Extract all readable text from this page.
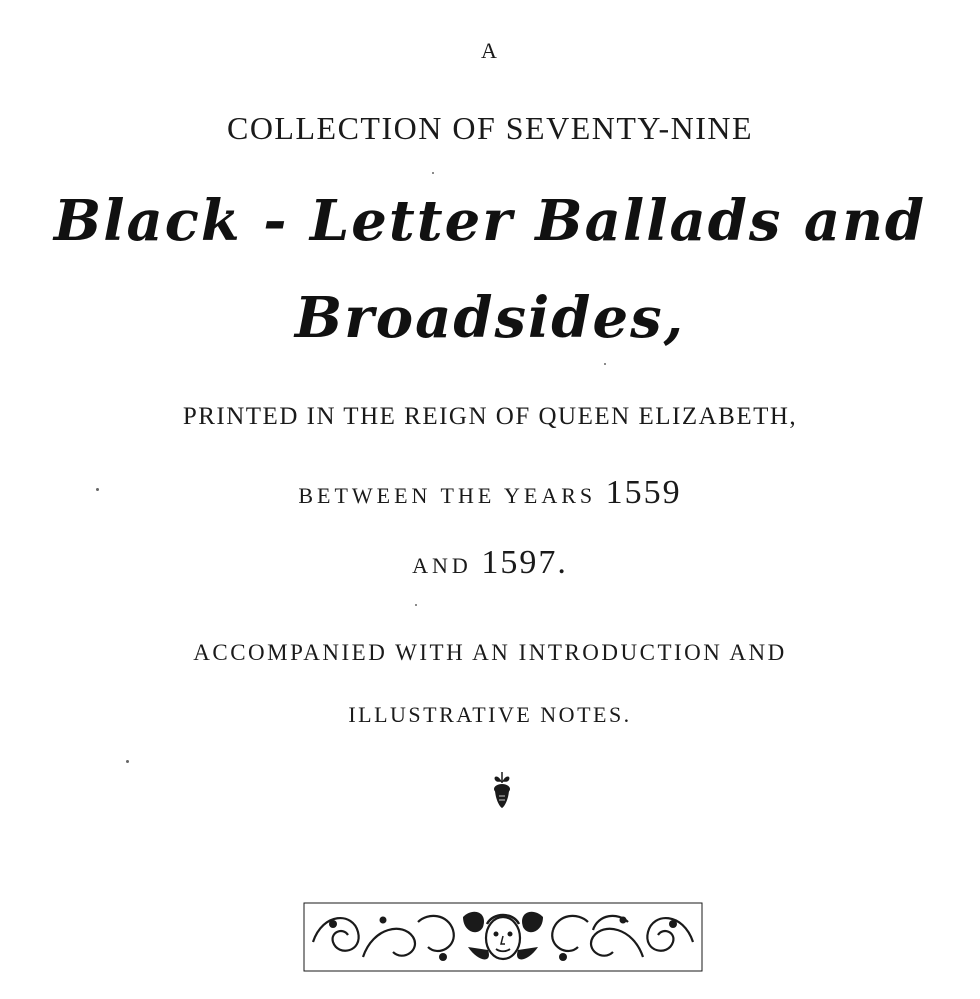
A
COLLECTION OF SEVENTY-NINE
Black - Letter Ballads and
Broadsides,
PRINTED IN THE REIGN OF QUEEN ELIZABETH,
BETWEEN THE YEARS 1559
AND 1597.
ACCOMPANIED WITH AN INTRODUCTION AND
ILLUSTRATIVE NOTES.
